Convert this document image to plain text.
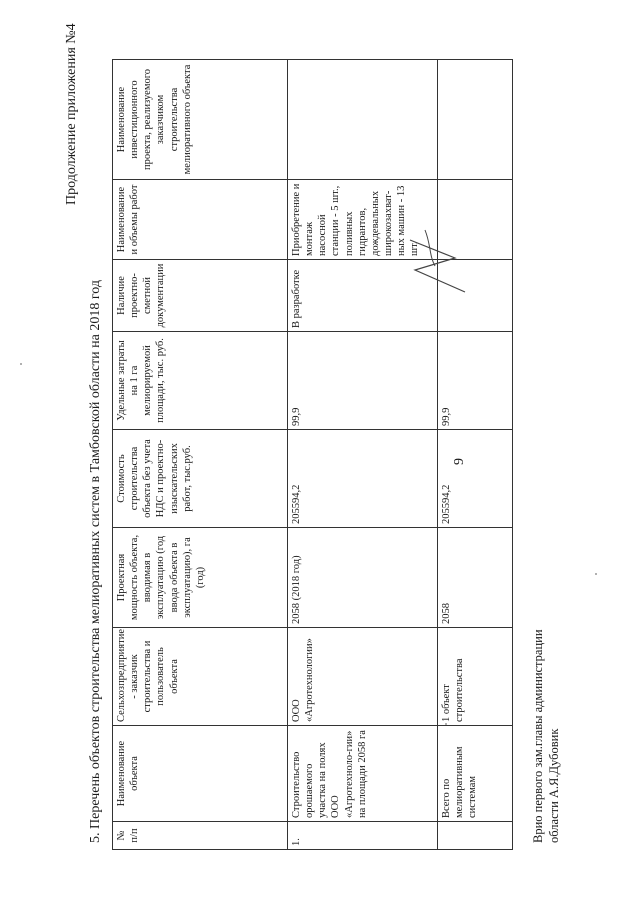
9
Продолжение приложения №4
5. Перечень объектов строительства мелиоративных систем в Тамбовской области на 2018 год № п/п	Наименование объекта	Сельхозпредприятие - заказчик строительства и пользователь объекта	Проектная мощность объекта, вводимая в эксплуатацию (год ввода объекта в эксплуатацию), га (год)	Стоимость строительства объекта без учета НДС и проектно-изыскательских работ, тыс.руб.	Удельные затраты на 1 га мелиорируемой площади, тыс. руб.	Наличие проектно-сметной документации	Наименование и объемы работ	Наименование инвестиционного проекта, реализуемого заказчиком строительства мелиоративного объекта
1.	Строительство орошаемого участка на полях ООО «Агротехноло-гии» на площади 2058 га	ООО «Агротехнологии»	2058 (2018 год)	205594,2	99,9	В разработке	Приобретение и монтаж насосной станции - 5 шт., поливных гидрантов, дождевальных широкозахват-ных машин - 13 шт.	
	Всего по мелиоративным системам	1 объект строительства	2058	205594,2	99,9			
Врио первого зам.главы администрации области А.Я.Дубовик
